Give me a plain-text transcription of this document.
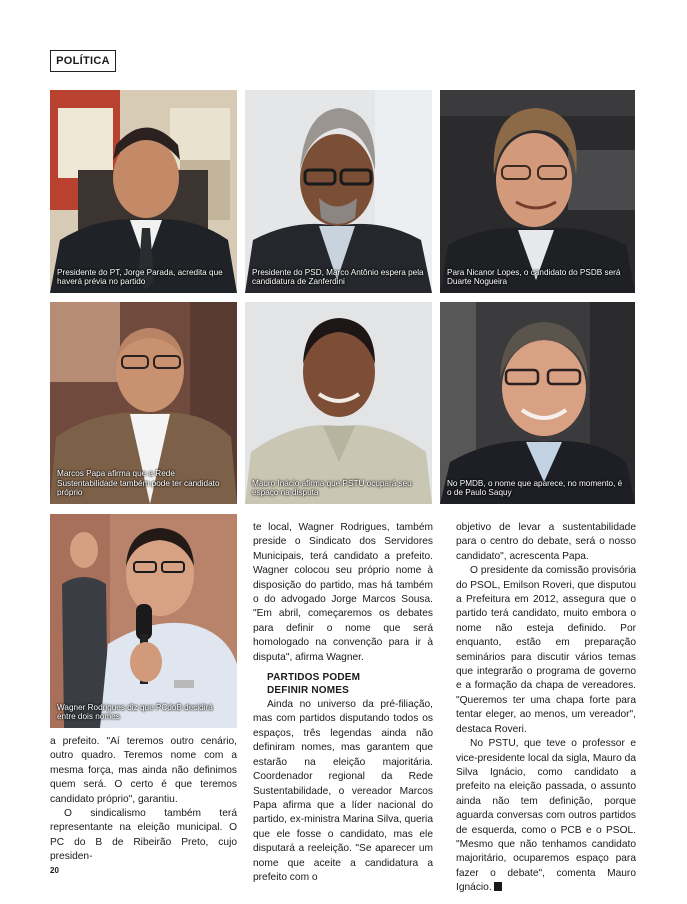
POLÍTICA
Presidente do PT, Jorge Parada, acredita que haverá prévia no partido
Presidente do PSD, Marco Antônio espera pela candidatura de Zanferdini
Para Nicanor Lopes, o candidato do PSDB será Duarte Nogueira
Marcos Papa afirma que a Rede Sustentabilidade também pode ter candidato próprio
Mauro Inácio afirma que PSTU ocupará seu espaço na disputa
No PMDB, o nome que aparece, no momento, é o de Paulo Saquy
Wagner Rodrigues diz que PCdoB decidirá entre dois nomes

a prefeito. "Aí teremos outro cenário, outro quadro. Teremos nome com a mesma força, mas ainda não definimos quem será. O certo é que teremos candidato próprio", garantiu.

O sindicalismo também terá representante na eleição municipal. O PC do B de Ribeirão Preto, cujo presiden-

te local, Wagner Rodrigues, também preside o Sindicato dos Servidores Municipais, terá candidato a prefeito. Wagner colocou seu próprio nome à disposição do partido, mas há também o do advogado Jorge Marcos Sousa. "Em abril, começaremos os debates para definir o nome que será homologado na convenção para ir à disputa", afirma Wagner.

PARTIDOS PODEM
DEFINIR NOMES

Ainda no universo da pré-filiação, mas com partidos disputando todos os espaços, três legendas ainda não definiram nomes, mas garantem que estarão na eleição majoritária. Coordenador regional da Rede Sustentabilidade, o vereador Marcos Papa afirma que a líder nacional do partido, ex-ministra Marina Silva, queria que ele fosse o candidato, mas ele disputará a reeleição. "Se aparecer um nome que aceite a candidatura a prefeito com o

objetivo de levar a sustentabilidade para o centro do debate, será o nosso candidato", acrescenta Papa.

O presidente da comissão provisória do PSOL, Emilson Roveri, que disputou a Prefeitura em 2012, assegura que o partido terá candidato, muito embora o nome não esteja definido. Por enquanto, estão em preparação seminários para discutir vários temas que integrarão o programa de governo e a formação da chapa de vereadores. "Queremos ter uma chapa forte para tentar eleger, ao menos, um vereador", destaca Roveri.

No PSTU, que teve o professor e vice-presidente local da sigla, Mauro da Silva Ignácio, como candidato a prefeito na eleição passada, o assunto ainda não tem definição, porque aguarda conversas com outros partidos de esquerda, como o PCB e o PSOL. "Mesmo que não tenhamos candidato majoritário, ocuparemos espaço para fazer o debate", comenta Mauro Ignácio.

20
